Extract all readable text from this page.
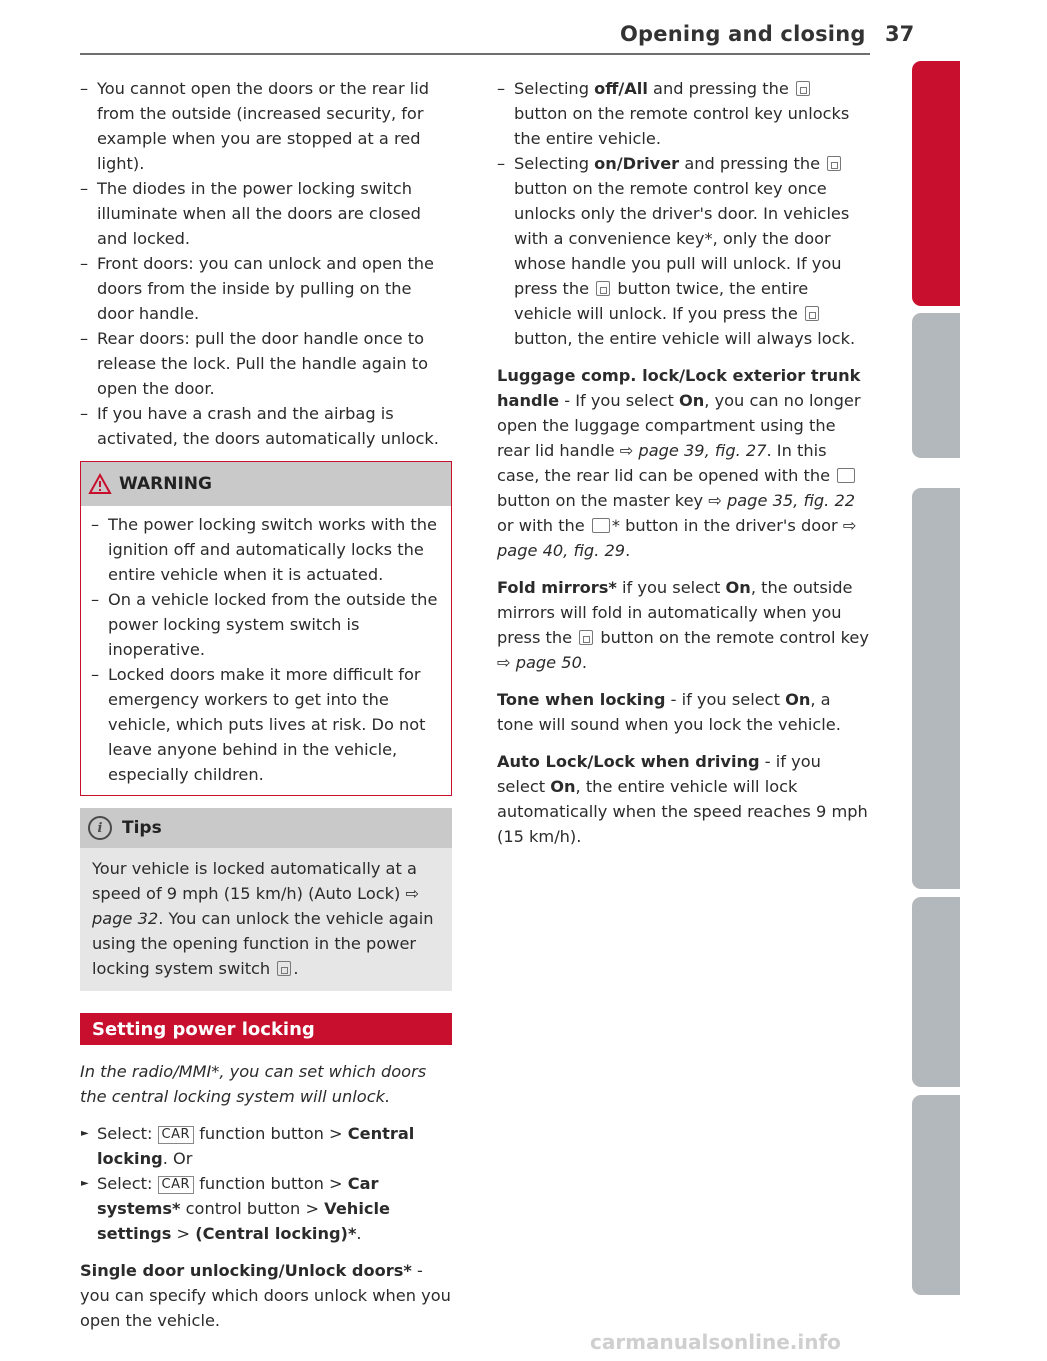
Opening and closing 37
– You cannot open the doors or the rear lid from the outside (increased security, for example when you are stopped at a red light).
– The diodes in the power locking switch illuminate when all the doors are closed and locked.
– Front doors: you can unlock and open the doors from the inside by pulling on the door handle.
– Rear doors: pull the door handle once to release the lock. Pull the handle again to open the door.
– If you have a crash and the airbag is activated, the doors automatically unlock.
WARNING
– The power locking switch works with the ignition off and automatically locks the entire vehicle when it is actuated.
– On a vehicle locked from the outside the power locking system switch is inoperative.
– Locked doors make it more difficult for emergency workers to get into the vehicle, which puts lives at risk. Do not leave anyone behind in the vehicle, especially children.
i	Tips
Your vehicle is locked automatically at a speed of 9 mph (15 km/h) (Auto Lock) ⇨ page 32. You can unlock the vehicle again using the opening function in the power locking system switch .
Setting power locking

In the radio/MMI*, you can set which doors the central locking system will unlock.

► Select: CAR function button > Central locking. Or
► Select: CAR function button > Car systems* control button > Vehicle settings > (Central locking)*.

Single door unlocking/Unlock doors* - you can specify which doors unlock when you open the vehicle.

– Selecting off/All and pressing the  button on the remote control key unlocks the entire vehicle.
– Selecting on/Driver and pressing the  button on the remote control key once unlocks only the driver's door. In vehicles with a convenience key*, only the door whose handle you pull will unlock. If you press the  button twice, the entire vehicle will unlock. If you press the  button, the entire vehicle will always lock.

Luggage comp. lock/Lock exterior trunk handle - If you select On, you can no longer open the luggage compartment using the rear lid handle ⇨ page 39, fig. 27. In this case, the rear lid can be opened with the  button on the master key ⇨ page 35, fig. 22 or with the * button in the driver's door ⇨ page 40, fig. 29.

Fold mirrors* if you select On, the outside mirrors will fold in automatically when you press the  button on the remote control key ⇨ page 50.

Tone when locking - if you select On, a tone will sound when you lock the vehicle.

Auto Lock/Lock when driving - if you select On, the entire vehicle will lock automatically when the speed reaches 9 mph (15 km/h).

Controls and equipment
Safety first
Vehicle operation
Vehicle care
Do-it-yourself service
Technical data
carmanualsonline.info
